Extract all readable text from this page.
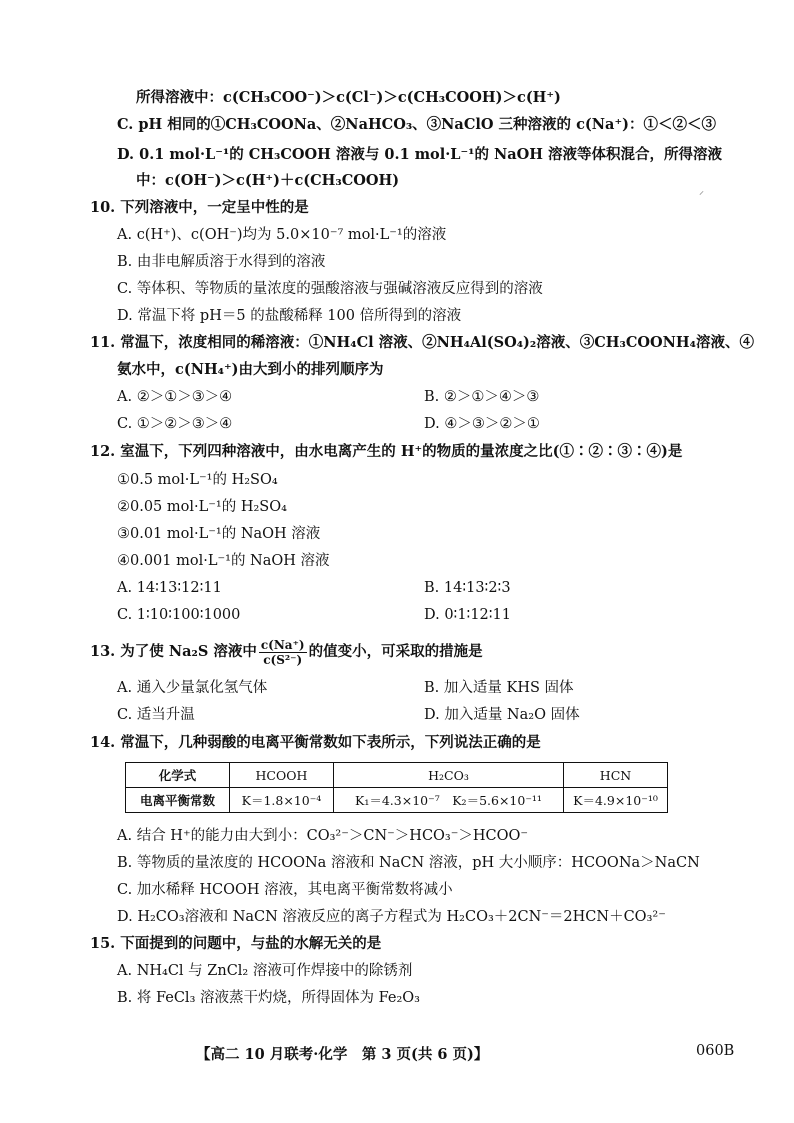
所得溶液中：c(CH₃COO⁻)＞c(Cl⁻)＞c(CH₃COOH)＞c(H⁺)
C. pH 相同的①CH₃COONa、②NaHCO₃、③NaClO 三种溶液的 c(Na⁺)：①＜②＜③
D. 0.1 mol·L⁻¹的 CH₃COOH 溶液与 0.1 mol·L⁻¹的 NaOH 溶液等体积混合，所得溶液
中：c(OH⁻)＞c(H⁺)＋c(CH₃COOH)
⸝
10. 下列溶液中，一定呈中性的是
A. c(H⁺)、c(OH⁻)均为 5.0×10⁻⁷ mol·L⁻¹的溶液
B. 由非电解质溶于水得到的溶液
C. 等体积、等物质的量浓度的强酸溶液与强碱溶液反应得到的溶液
D. 常温下将 pH＝5 的盐酸稀释 100 倍所得到的溶液
11. 常温下，浓度相同的稀溶液：①NH₄Cl 溶液、②NH₄Al(SO₄)₂溶液、③CH₃COONH₄溶液、④
氨水中，c(NH₄⁺)由大到小的排列顺序为
A. ②＞①＞③＞④	B. ②＞①＞④＞③
C. ①＞②＞③＞④	D. ④＞③＞②＞①
12. 室温下，下列四种溶液中，由水电离产生的 H⁺的物质的量浓度之比(①∶②∶③∶④)是
①0.5 mol·L⁻¹的 H₂SO₄
②0.05 mol·L⁻¹的 H₂SO₄
③0.01 mol·L⁻¹的 NaOH 溶液
④0.001 mol·L⁻¹的 NaOH 溶液
A. 14∶13∶12∶11	B. 14∶13∶2∶3
C. 1∶10∶100∶1000	D. 0∶1∶12∶11
13. 为了使 Na₂S 溶液中 $\frac{c(Na^+)}{\text{c(S²⁻)}}$ 的值变小，可采取的措施是
A. 通入少量氯化氢气体	B. 加入适量 KHS 固体
C. 适当升温	D. 加入适量 Na₂O 固体
14. 常温下，几种弱酸的电离平衡常数如下表所示，下列说法正确的是
化学式	HCOOH	H₂CO₃	HCN
电离平衡常数	K＝1.8×10⁻⁴	K₁＝4.3×10⁻⁷　K₂＝5.6×10⁻¹¹	K＝4.9×10⁻¹⁰
A. 结合 H⁺的能力由大到小：CO₃²⁻＞CN⁻＞HCO₃⁻＞HCOO⁻
B. 等物质的量浓度的 HCOONa 溶液和 NaCN 溶液，pH 大小顺序：HCOONa＞NaCN
C. 加水稀释 HCOOH 溶液，其电离平衡常数将减小
D. H₂CO₃溶液和 NaCN 溶液反应的离子方程式为 H₂CO₃＋2CN⁻＝2HCN＋CO₃²⁻
15. 下面提到的问题中，与盐的水解无关的是
A. NH₄Cl 与 ZnCl₂ 溶液可作焊接中的除锈剂
B. 将 FeCl₃ 溶液蒸干灼烧，所得固体为 Fe₂O₃
【高二 10 月联考·化学　第 3 页(共 6 页)】	060B
